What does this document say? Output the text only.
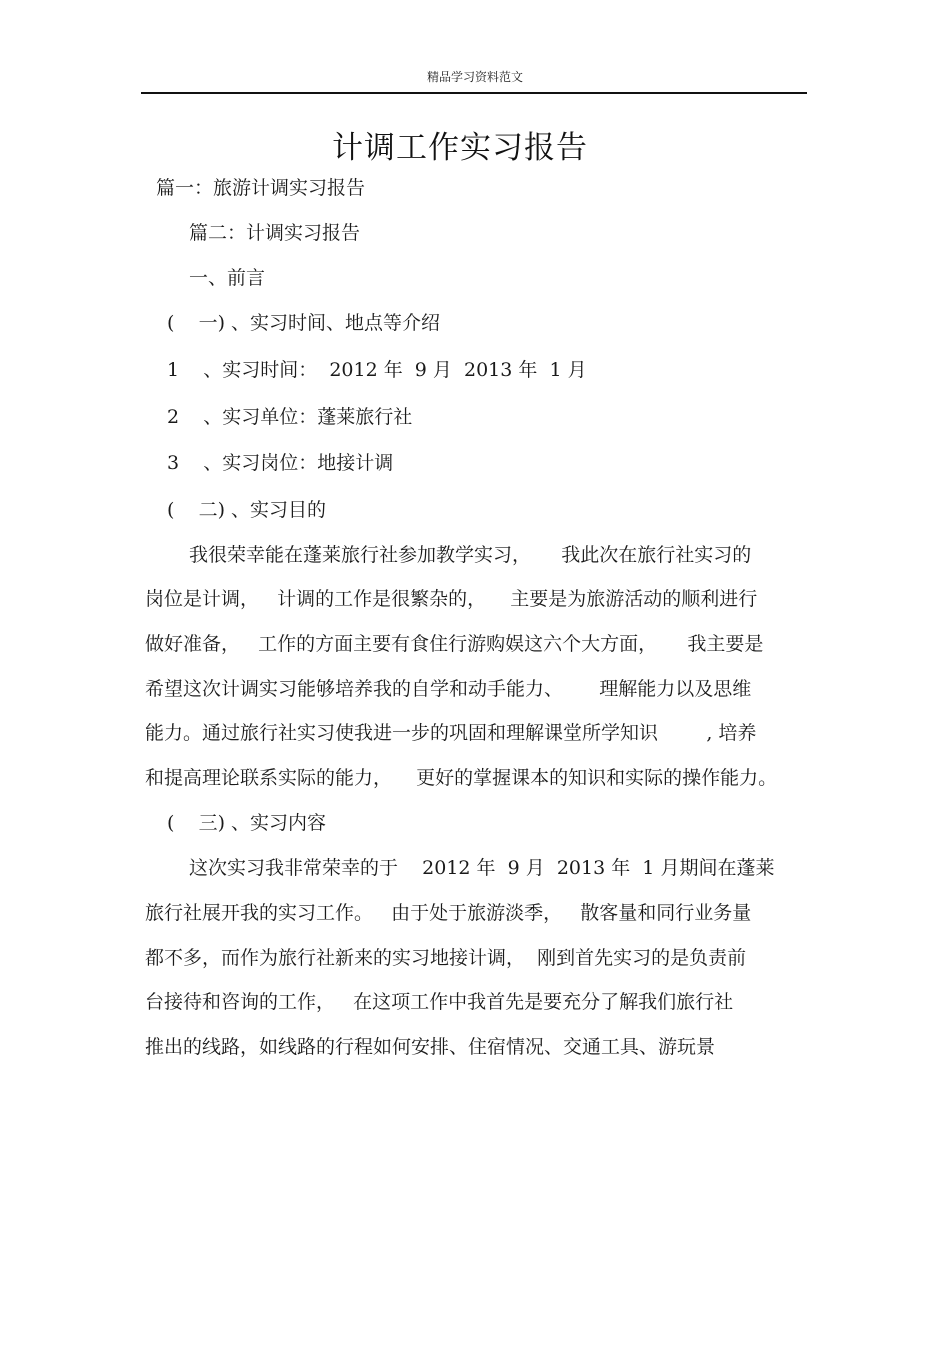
精品学习资料范文
计调工作实习报告
篇一：旅游计调实习报告
篇二：计调实习报告
一、前言
(    一) 、实习时间、地点等介绍
1    、实习时间：  2012 年  9 月  2013 年  1 月
2    、实习单位：蓬莱旅行社
3    、实习岗位：地接计调
(    二) 、实习目的
我很荣幸能在蓬莱旅行社参加教学实习，     我此次在旅行社实习的
岗位是计调，   计调的工作是很繁杂的，    主要是为旅游活动的顺利进行
做好准备，   工作的方面主要有食住行游购娱这六个大方面，     我主要是
希望这次计调实习能够培养我的自学和动手能力、      理解能力以及思维
能力。通过旅行社实习使我进一步的巩固和理解课堂所学知识        , 培养
和提高理论联系实际的能力，    更好的掌握课本的知识和实际的操作能力。
(    三) 、实习内容
这次实习我非常荣幸的于    2012 年  9 月  2013 年  1 月期间在蓬莱
旅行社展开我的实习工作。   由于处于旅游淡季，   散客量和同行业务量
都不多，而作为旅行社新来的实习地接计调，  刚到首先实习的是负责前
台接待和咨询的工作，   在这项工作中我首先是要充分了解我们旅行社
推出的线路，如线路的行程如何安排、住宿情况、交通工具、游玩景
